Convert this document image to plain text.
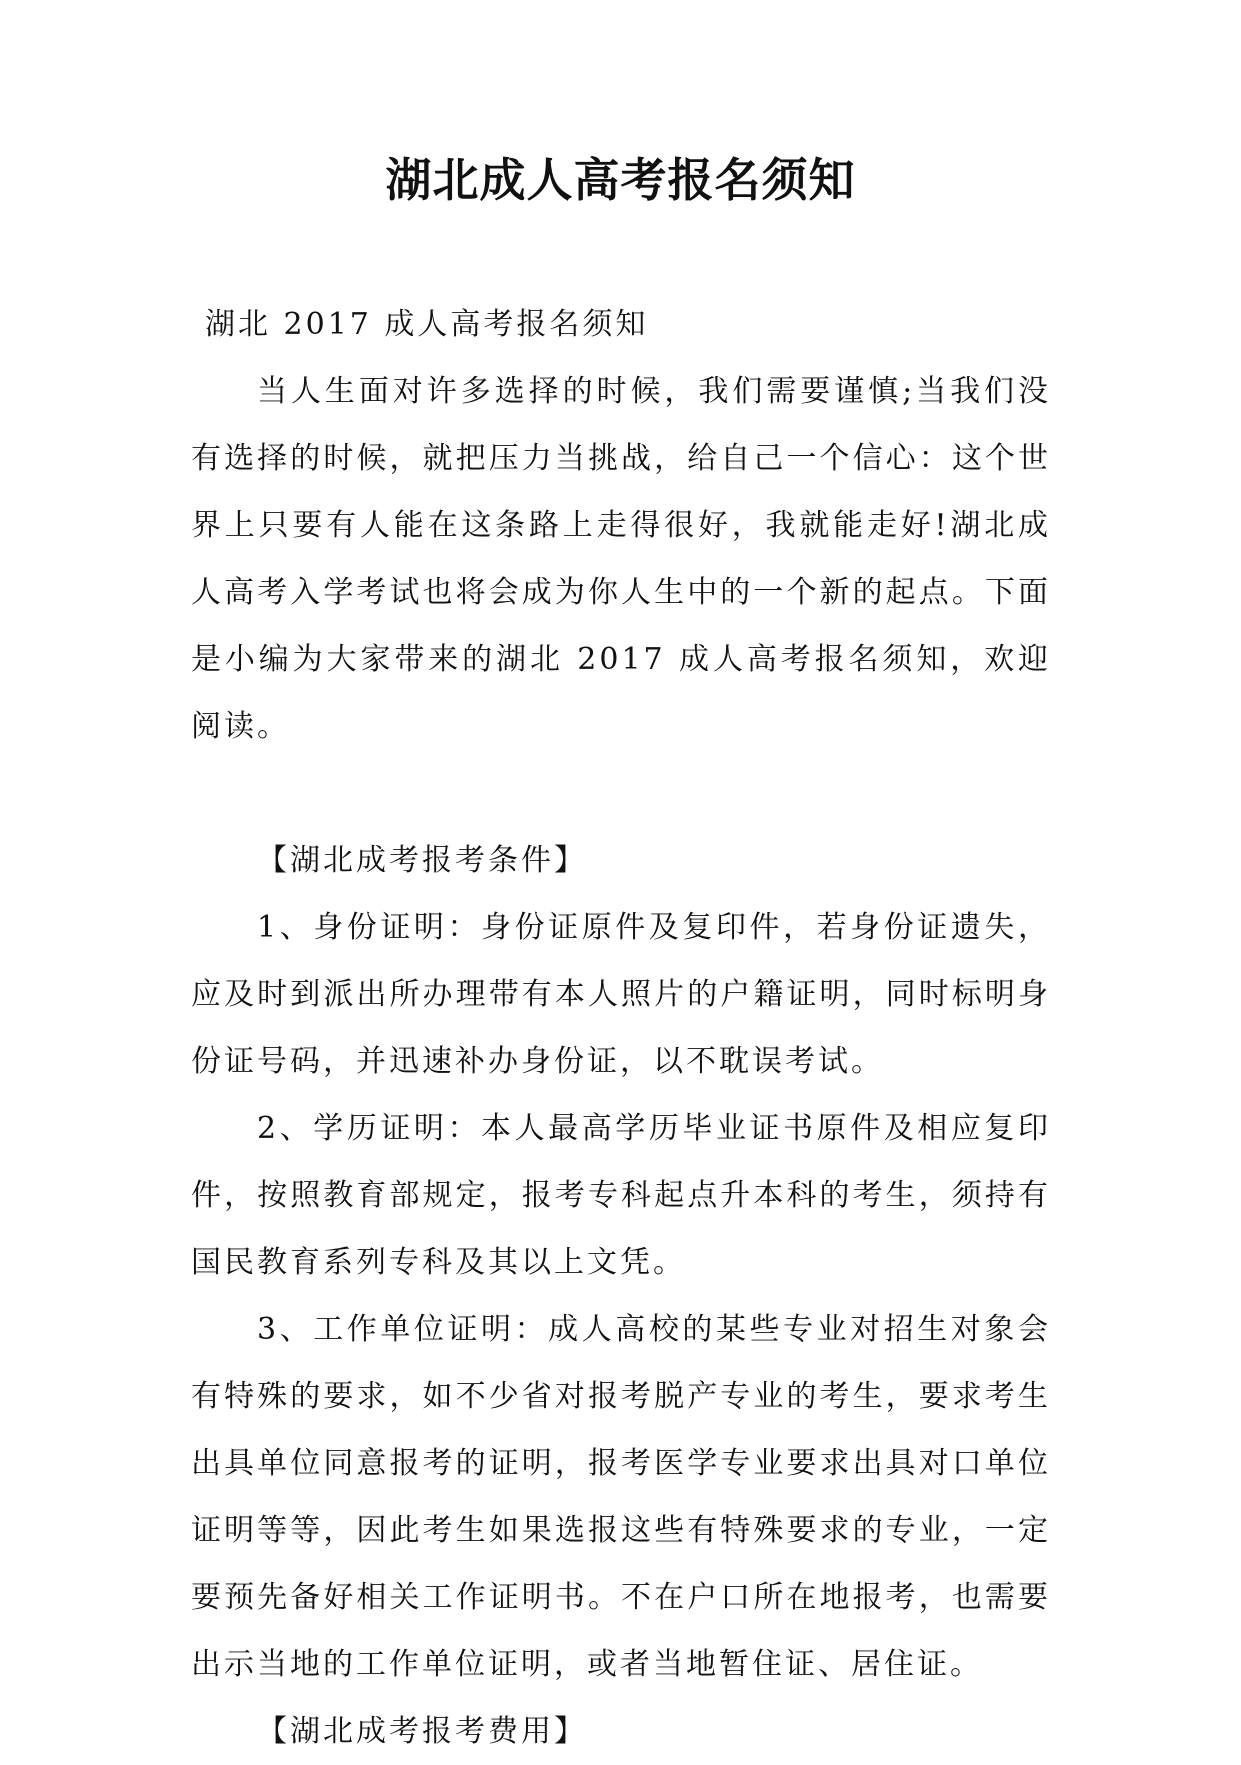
湖北成人高考报名须知

湖北 2017 成人高考报名须知

当人生面对许多选择的时候，我们需要谨慎;当我们没有选择的时候，就把压力当挑战，给自己一个信心：这个世界上只要有人能在这条路上走得很好，我就能走好!湖北成人高考入学考试也将会成为你人生中的一个新的起点。下面是小编为大家带来的湖北 2017 成人高考报名须知，欢迎阅读。

【湖北成考报考条件】

1、身份证明：身份证原件及复印件，若身份证遗失，应及时到派出所办理带有本人照片的户籍证明，同时标明身份证号码，并迅速补办身份证，以不耽误考试。

2、学历证明：本人最高学历毕业证书原件及相应复印件，按照教育部规定，报考专科起点升本科的考生，须持有国民教育系列专科及其以上文凭。

3、工作单位证明：成人高校的某些专业对招生对象会有特殊的要求，如不少省对报考脱产专业的考生，要求考生出具单位同意报考的证明，报考医学专业要求出具对口单位证明等等，因此考生如果选报这些有特殊要求的专业，一定要预先备好相关工作证明书。不在户口所在地报考，也需要出示当地的工作单位证明，或者当地暂住证、居住证。

【湖北成考报考费用】
